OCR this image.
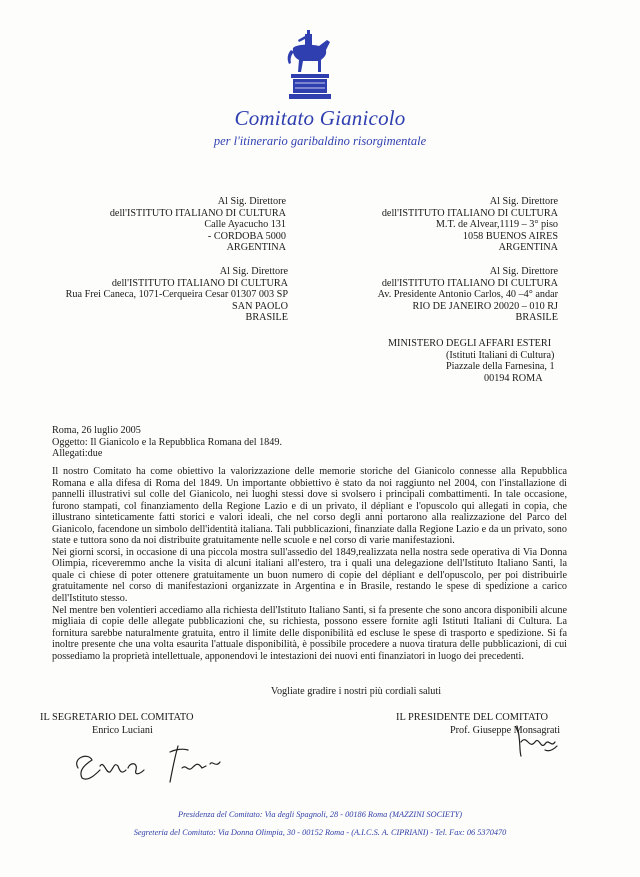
Comitato Gianicolo
per l'itinerario garibaldino risorgimentale
Al Sig. Direttore
dell'ISTITUTO ITALIANO DI CULTURA
Calle Ayacucho 131
- CORDOBA 5000
ARGENTINA
Al Sig. Direttore
dell'ISTITUTO ITALIANO DI CULTURA
M.T. de Alvear,1119 – 3° piso
1058 BUENOS AIRES
ARGENTINA
Al Sig. Direttore
dell'ISTITUTO ITALIANO DI CULTURA
Rua Frei Caneca, 1071-Cerqueira Cesar 01307 003 SP
SAN PAOLO
BRASILE
Al Sig. Direttore
dell'ISTITUTO ITALIANO DI CULTURA
Av. Presidente Antonio Carlos, 40 –4° andar
RIO DE JANEIRO 20020 – 010 RJ
BRASILE
MINISTERO DEGLI AFFARI ESTERI
(Istituti Italiani di Cultura)
Piazzale della Farnesina, 1
00194 ROMA
Roma, 26 luglio 2005
Oggetto: Il Gianicolo e la Repubblica Romana del 1849.
Allegati:due

Il nostro Comitato ha come obiettivo la valorizzazione delle memorie storiche del Gianicolo connesse alla Repubblica Romana e alla difesa di Roma del 1849. Un importante obbiettivo è stato da noi raggiunto nel 2004, con l'installazione di pannelli illustrativi sul colle del Gianicolo, nei luoghi stessi dove si svolsero i principali combattimenti. In tale occasione, furono stampati, col finanziamento della Regione Lazio e di un privato, il dépliant e l'opuscolo qui allegati in copia, che illustrano sinteticamente fatti storici e valori ideali, che nel corso degli anni portarono alla realizzazione del Parco del Gianicolo, facendone un simbolo dell'identità italiana. Tali pubblicazioni, finanziate dalla Regione Lazio e da un privato, sono state e tuttora sono da noi distribuite gratuitamente nelle scuole e nel corso di varie manifestazioni.

Nei giorni scorsi, in occasione di una piccola mostra sull'assedio del 1849,realizzata nella nostra sede operativa di Via Donna Olimpia, riceveremmo anche la visita di alcuni italiani all'estero, tra i quali una delegazione dell'Istituto Italiano Santi, la quale ci chiese di poter ottenere gratuitamente un buon numero di copie del dépliant e dell'opuscolo, per poi distribuirle gratuitamente nel corso di manifestazioni organizzate in Argentina e in Brasile, restando le spese di spedizione a carico dell'Istituto stesso.

Nel mentre ben volentieri accediamo alla richiesta dell'Istituto Italiano Santi, si fa presente che sono ancora disponibili alcune migliaia di copie delle allegate pubblicazioni che, su richiesta, possono essere fornite agli Istituti Italiani di Cultura. La fornitura sarebbe naturalmente gratuita, entro il limite delle disponibilità ed escluse le spese di trasporto e spedizione. Si fa inoltre presente che una volta esaurita l'attuale disponibilità, è possibile procedere a nuova tiratura delle pubblicazioni, di cui possediamo la proprietà intellettuale, apponendovi le intestazioni dei nuovi enti finanziatori in luogo dei precedenti.

Vogliate gradire i nostri più cordiali saluti
IL SEGRETARIO DEL COMITATO
Enrico Luciani
IL PRESIDENTE DEL COMITATO
Prof. Giuseppe Monsagrati
Presidenza del Comitato: Via degli Spagnoli, 28 - 00186 Roma (MAZZINI SOCIETY)
Segreteria del Comitato: Via Donna Olimpia, 30 - 00152 Roma - (A.I.C.S. A. CIPRIANI) - Tel. Fax: 06 5370470
